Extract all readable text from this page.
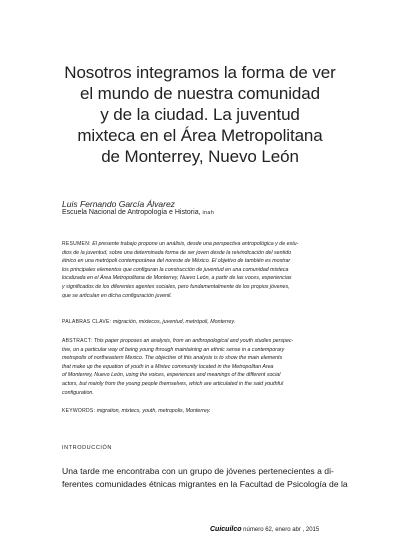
Nosotros integramos la forma de ver
el mundo de nuestra comunidad
y de la ciudad. La juventud
mixteca en el Área Metropolitana
de Monterrey, Nuevo León
Luis Fernando García Álvarez
Escuela Nacional de Antropología e Historia, inah
RESUMEN: El presente trabajo propone un análisis, desde una perspectiva antropológica y de estu-
dios de la juventud, sobre una determinada forma de ser joven desde la reivindicación del sentido
étnico en una metrópoli contemporánea del noreste de México. El objetivo de también es mostrar
los principales elementos que configuran la construcción de juventud en una comunidad mixteca
localizada en el Área Metropolitana de Monterrey, Nuevo León, a partir de las voces, experiencias
y significados de los diferentes agentes sociales, pero fundamentalmente de los propios jóvenes,
que se articulan en dicha configuración juvenil.
PALABRAS CLAVE: migración, mixtecos, juventud, metrópoli, Monterrey.
ABSTRACT: This paper proposes an analysis, from an anthropological and youth studies perspec-
tive, on a particular way of being young through maintaining an ethnic sense in a contemporary
metropolis of northeastern Mexico. The objective of this analysis is to show the main elements
that make up the equation of youth in a Mixtec community located in the Metropolitan Area
of Monterrey, Nuevo León, using the voices, experiences and meanings of the different social
actors, but mainly from the young people themselves, which are articulated in the said youthful
configuration.
KEYWORDS: migration, mixtecs, youth, metropolis, Monterrey.
INTRODUCCIÓN
Una tarde me encontraba con un grupo de jóvenes pertenecientes a di-
ferentes comunidades étnicas migrantes en la Facultad de Psicología de la
Cuicuilco número 62, enero abr , 2015
